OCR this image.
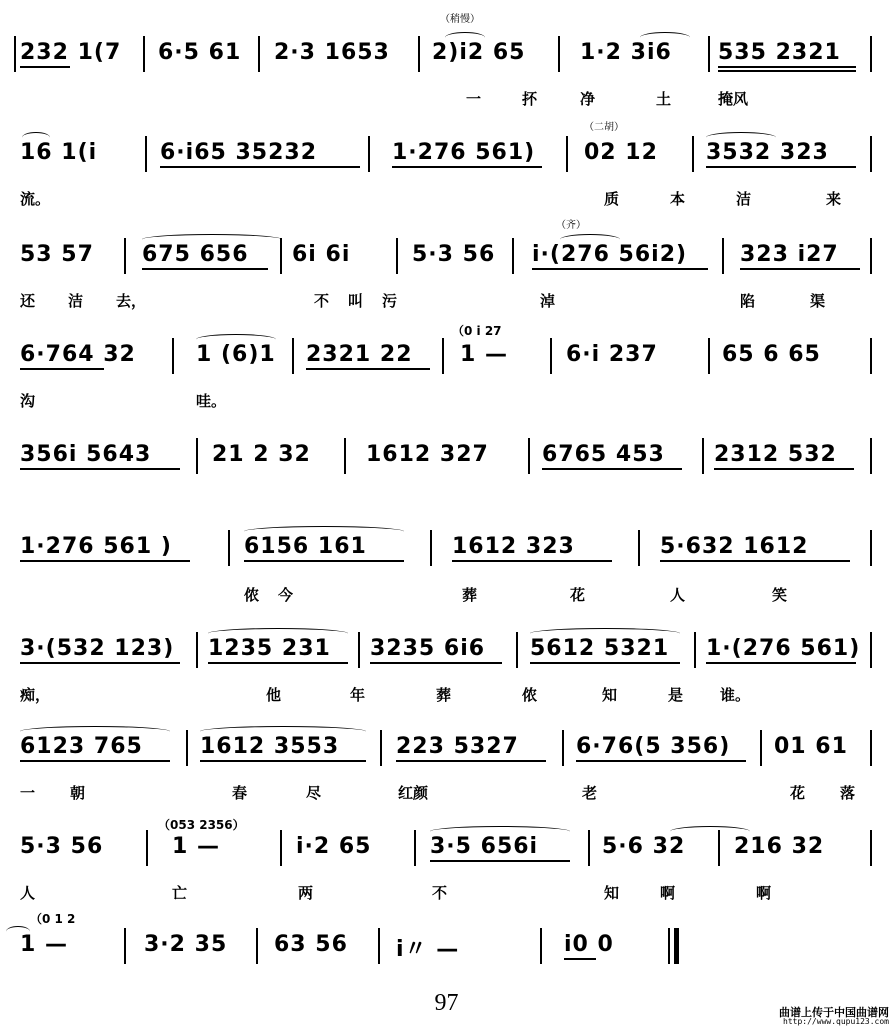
（稍慢）
232 1(7 6·5 61 2·3 1653 2)i2 65 1·2 3i6 535 2321
一	抔	净	土	掩风
（二胡）
16 1(i	6·i65 35232	1·276 561) 02 12 3532 323
流。	质	本	洁	来
（齐）
53 57 675 656 6i 6i	5·3 56 i·(276 56i2) 323 i27
还 洁 去，	不 叫 污	淖	陷	渠
（0 i 27
6·764 32	1 (6)1 2321 22 1 —	6·i 237	65 6 65
沟	哇。
356i 5643	21 2 32	1612 327 6765 453 2312 532
1·276 561 )	6156 161	1612 323	5·632 1612
侬 今	葬	花	人	笑
3·(532 123) 1235 231 3235 6i6 5612 5321 1·(276 561)
痴，	他	年	葬	侬	知	是 谁。
6123 765	1612 3553	223 5327	6·76(5 356) 01 61
一 朝	春	尽	红颜	老	花 落
（053 2356）
5·3 56	1 —	i·2 65	3·5 656i	5·6 32 216 32
人	亡	两	不	知	啊	啊
（0 1 2
1 —	3·2 35 63 56 i〃 —	i0 0
97	曲谱上传于中国曲谱网
http://www.qupu123.com
